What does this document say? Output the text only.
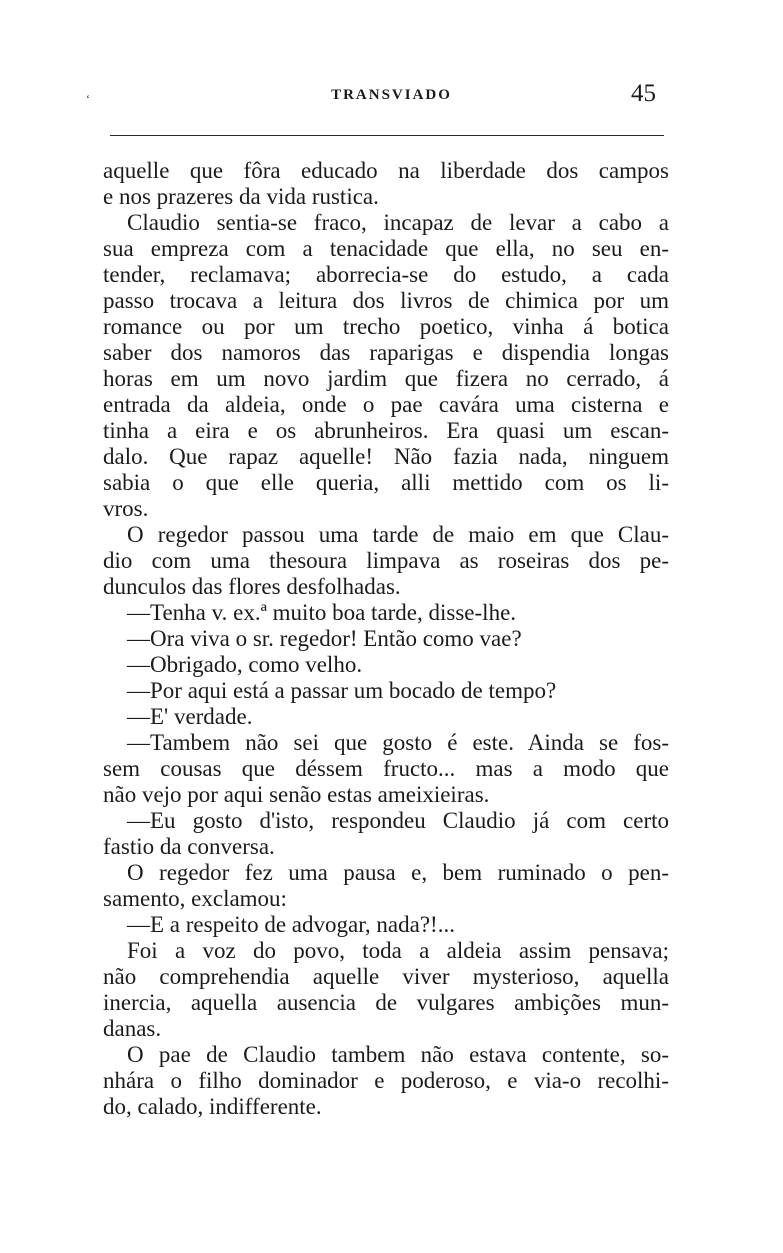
ʻ	TRANSVIADO	45
aquelle que fôra educado na liberdade dos campos
e nos prazeres da vida rustica.
Claudio sentia-se fraco, incapaz de levar a cabo a
sua empreza com a tenacidade que ella, no seu en-
tender, reclamava; aborrecia-se do estudo, a cada
passo trocava a leitura dos livros de chimica por um
romance ou por um trecho poetico, vinha á botica
saber dos namoros das raparigas e dispendia longas
horas em um novo jardim que fizera no cerrado, á
entrada da aldeia, onde o pae cavára uma cisterna e
tinha a eira e os abrunheiros. Era quasi um escan-
dalo. Que rapaz aquelle! Não fazia nada, ninguem
sabia o que elle queria, alli mettido com os li-
vros.
O regedor passou uma tarde de maio em que Clau-
dio com uma thesoura limpava as roseiras dos pe-
dunculos das flores desfolhadas.
—Tenha v. ex.ª muito boa tarde, disse-lhe.
—Ora viva o sr. regedor! Então como vae?
—Obrigado, como velho.
—Por aqui está a passar um bocado de tempo?
—E' verdade.
—Tambem não sei que gosto é este. Ainda se fos-
sem cousas que déssem fructo... mas a modo que
não vejo por aqui senão estas ameixieiras.
—Eu gosto d'isto, respondeu Claudio já com certo
fastio da conversa.
O regedor fez uma pausa e, bem ruminado o pen-
samento, exclamou:
—E a respeito de advogar, nada?!...
Foi a voz do povo, toda a aldeia assim pensava;
não comprehendia aquelle viver mysterioso, aquella
inercia, aquella ausencia de vulgares ambições mun-
danas.
O pae de Claudio tambem não estava contente, so-
nhára o filho dominador e poderoso, e via-o recolhi-
do, calado, indifferente.
